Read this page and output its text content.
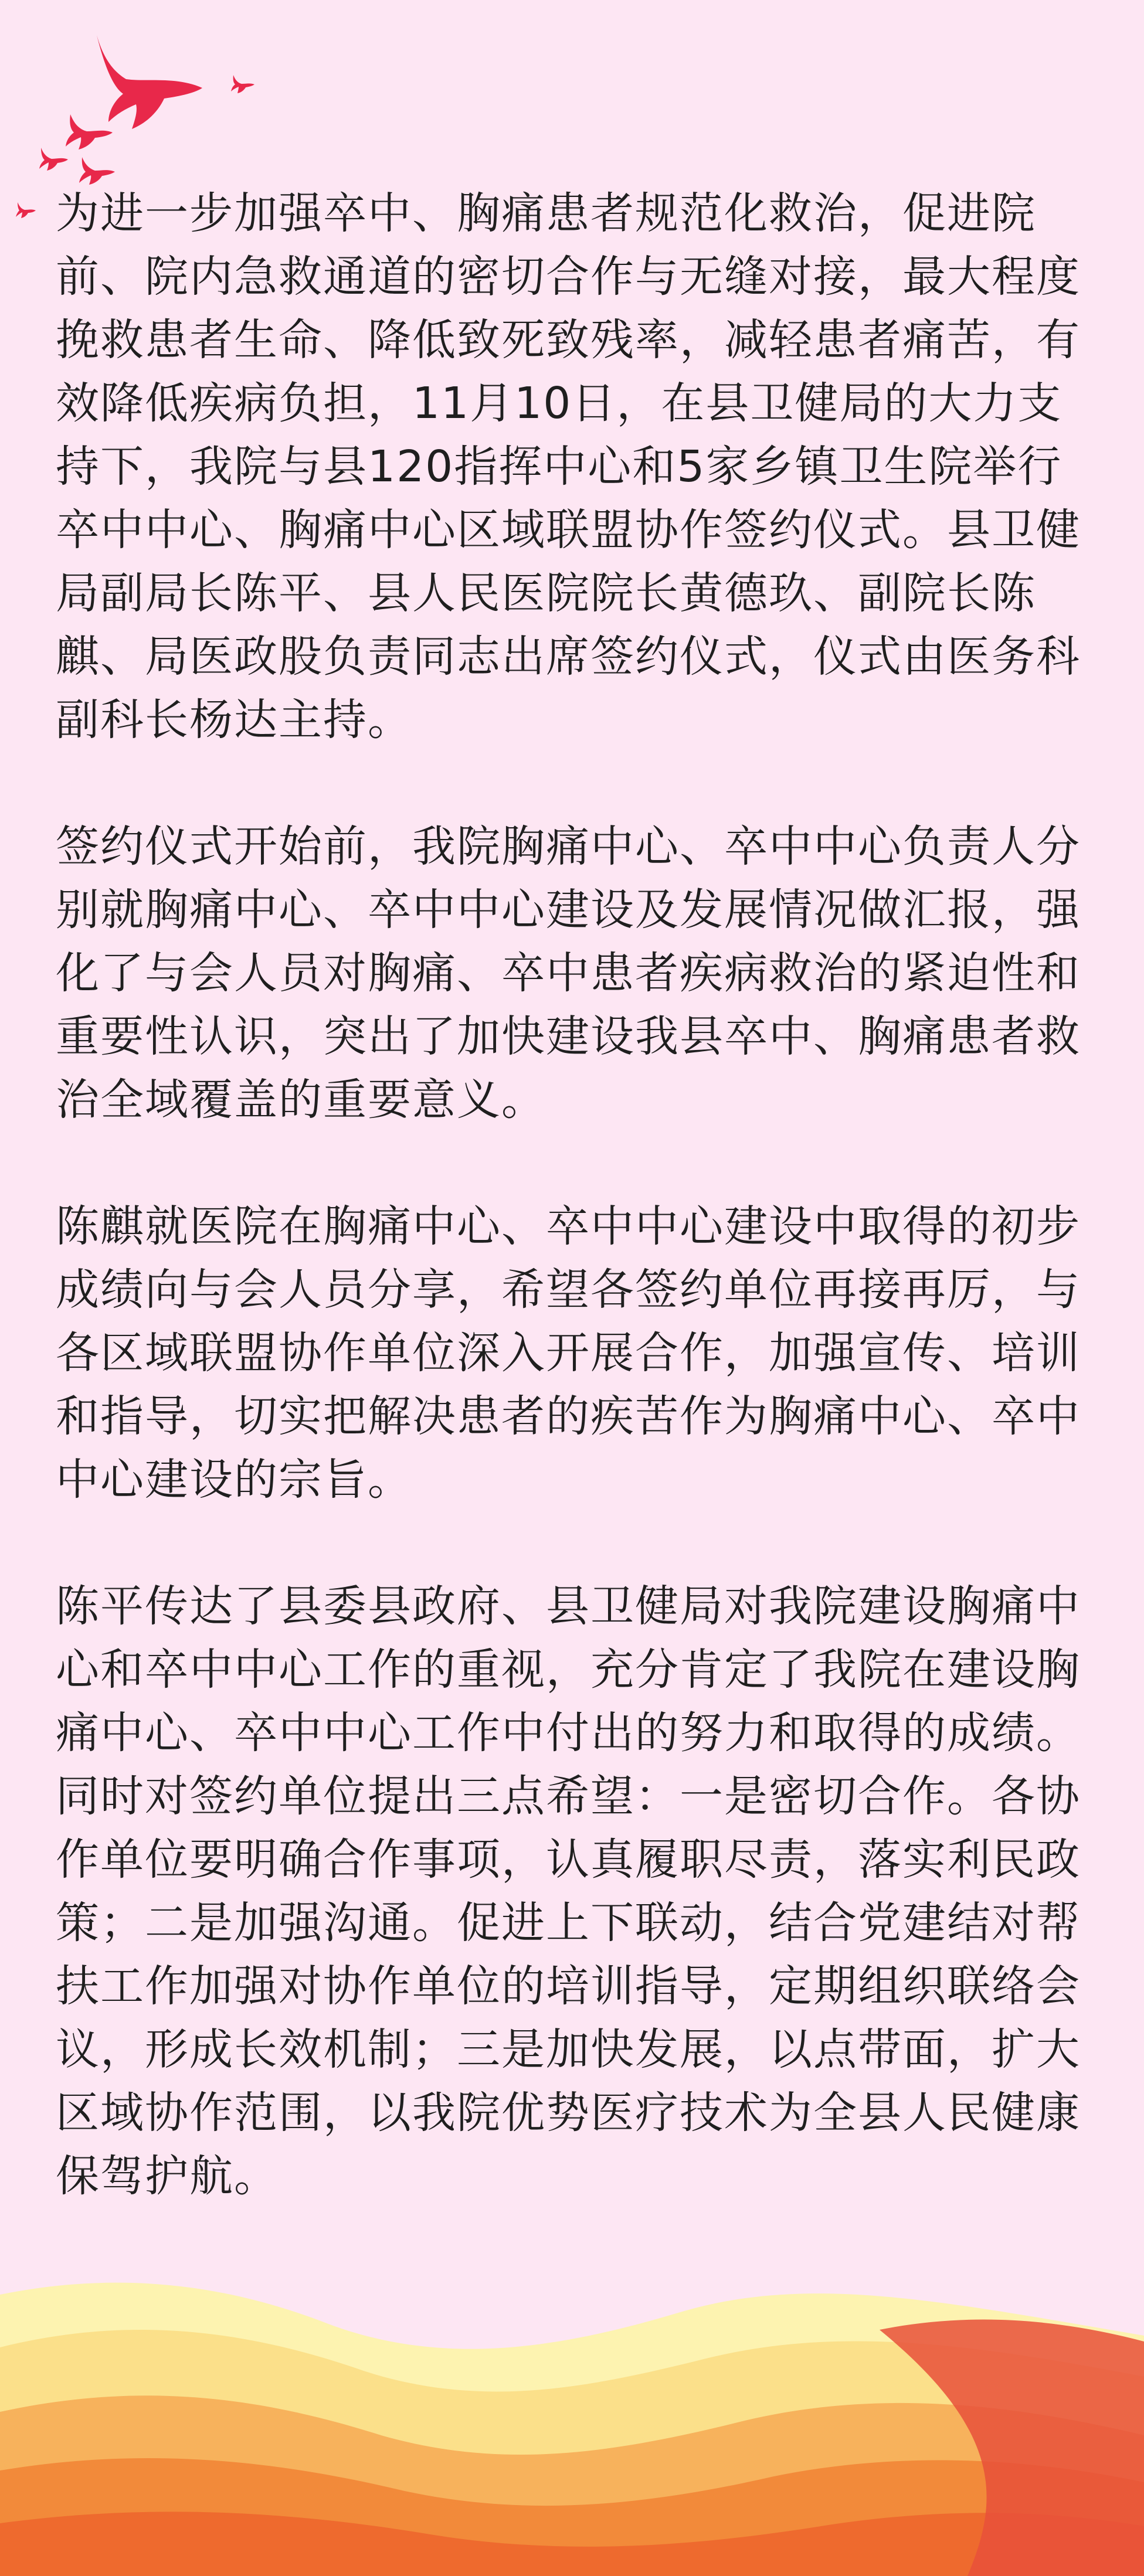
为进一步加强卒中、胸痛患者规范化救治，促进院前、院内急救通道的密切合作与无缝对接，最大程度挽救患者生命、降低致死致残率，减轻患者痛苦，有效降低疾病负担，11月10日，在县卫健局的大力支持下，我院与县120指挥中心和5家乡镇卫生院举行卒中中心、胸痛中心区域联盟协作签约仪式。县卫健局副局长陈平、县人民医院院长黄德玖、副院长陈麒、局医政股负责同志出席签约仪式，仪式由医务科副科长杨达主持。

签约仪式开始前，我院胸痛中心、卒中中心负责人分别就胸痛中心、卒中中心建设及发展情况做汇报，强化了与会人员对胸痛、卒中患者疾病救治的紧迫性和重要性认识，突出了加快建设我县卒中、胸痛患者救治全域覆盖的重要意义。

陈麒就医院在胸痛中心、卒中中心建设中取得的初步成绩向与会人员分享，希望各签约单位再接再厉，与各区域联盟协作单位深入开展合作，加强宣传、培训和指导，切实把解决患者的疾苦作为胸痛中心、卒中中心建设的宗旨。

陈平传达了县委县政府、县卫健局对我院建设胸痛中心和卒中中心工作的重视，充分肯定了我院在建设胸痛中心、卒中中心工作中付出的努力和取得的成绩。同时对签约单位提出三点希望：一是密切合作。各协作单位要明确合作事项，认真履职尽责，落实利民政策；二是加强沟通。促进上下联动，结合党建结对帮扶工作加强对协作单位的培训指导，定期组织联络会议，形成长效机制；三是加快发展，以点带面，扩大区域协作范围，以我院优势医疗技术为全县人民健康保驾护航。
